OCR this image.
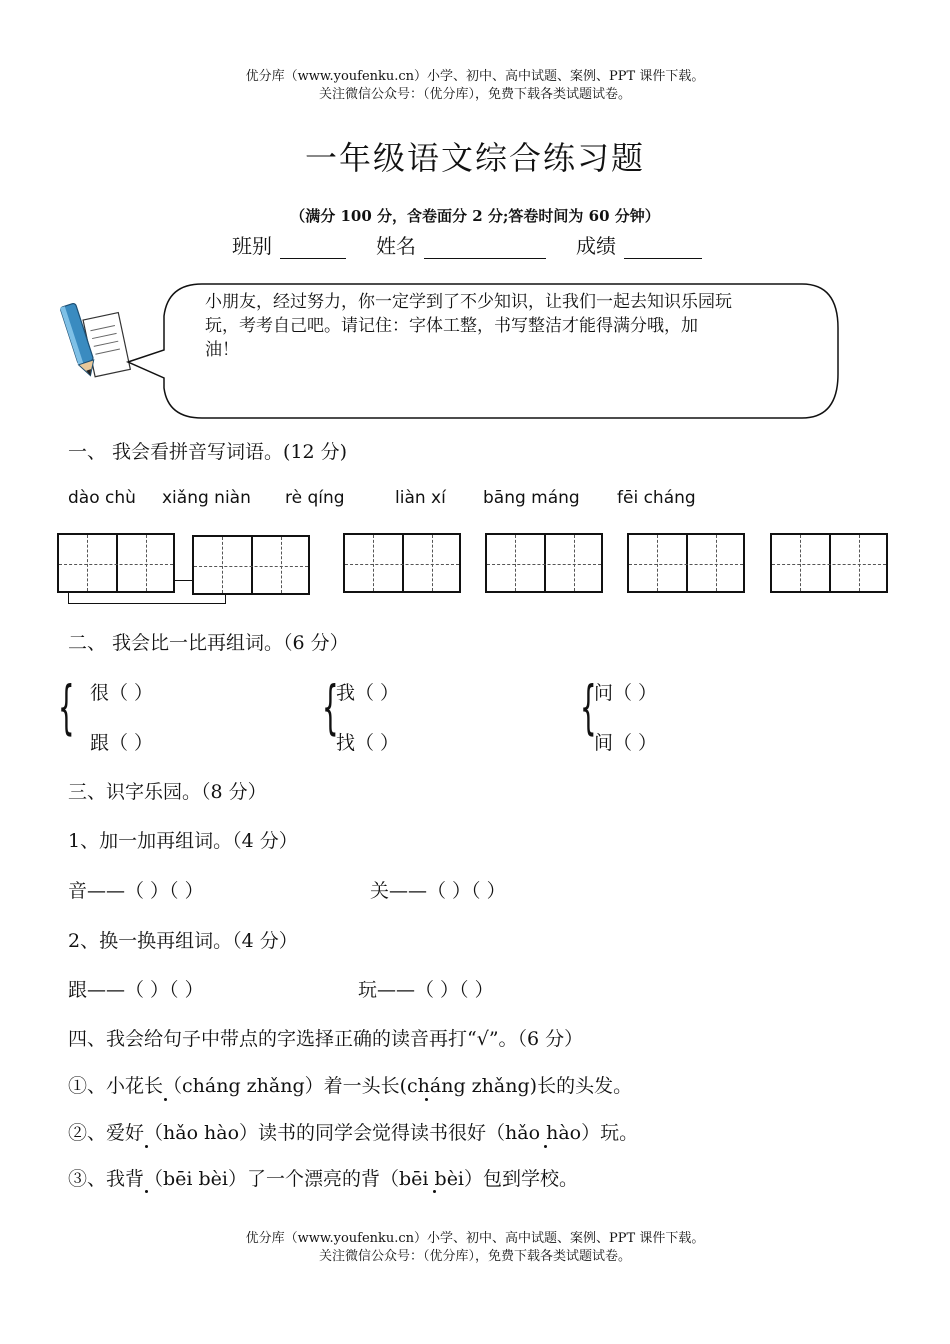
优分库（www.youfenku.cn）小学、初中、高中试题、案例、PPT 课件下载。
关注微信公众号：（优分库），免费下载各类试题试卷。
一年级语文综合练习题
（满分 100 分，含卷面分 2 分;答卷时间为 60 分钟）
班别	姓名	成绩
小朋友，经过努力，你一定学到了不少知识，让我们一起去知识乐园玩
玩，考考自己吧。请记住：字体工整，书写整洁才能得满分哦，加
油！
一、 我会看拼音写词语。(12 分)
dào chù xiǎng niàn rè qíng	liàn xí bāng máng fēi cháng
二、 我会比一比再组词。（6 分）
{	{	{
很（ ）
跟（ ）
我（ ）
找（ ）
问（ ）
间（ ）
三、识字乐园。（8 分）
1、加一加再组词。（4 分）
音——（ ）（ ）	关——（ ）（ ）
2、换一换再组词。（4 分）
跟——（ ）（ ）	玩——（ ）（ ）
四、我会给句子中带点的字选择正确的读音再打“√”。（6 分）
①、小花长（cháng zhǎng）着一头长(cháng zhǎng)长的头发。
②、爱好（hǎo hào）读书的同学会觉得读书很好（hǎo hào）玩。
③、我背（bēi bèi）了一个漂亮的背（bēi bèi）包到学校。
优分库（www.youfenku.cn）小学、初中、高中试题、案例、PPT 课件下载。
关注微信公众号：（优分库），免费下载各类试题试卷。
